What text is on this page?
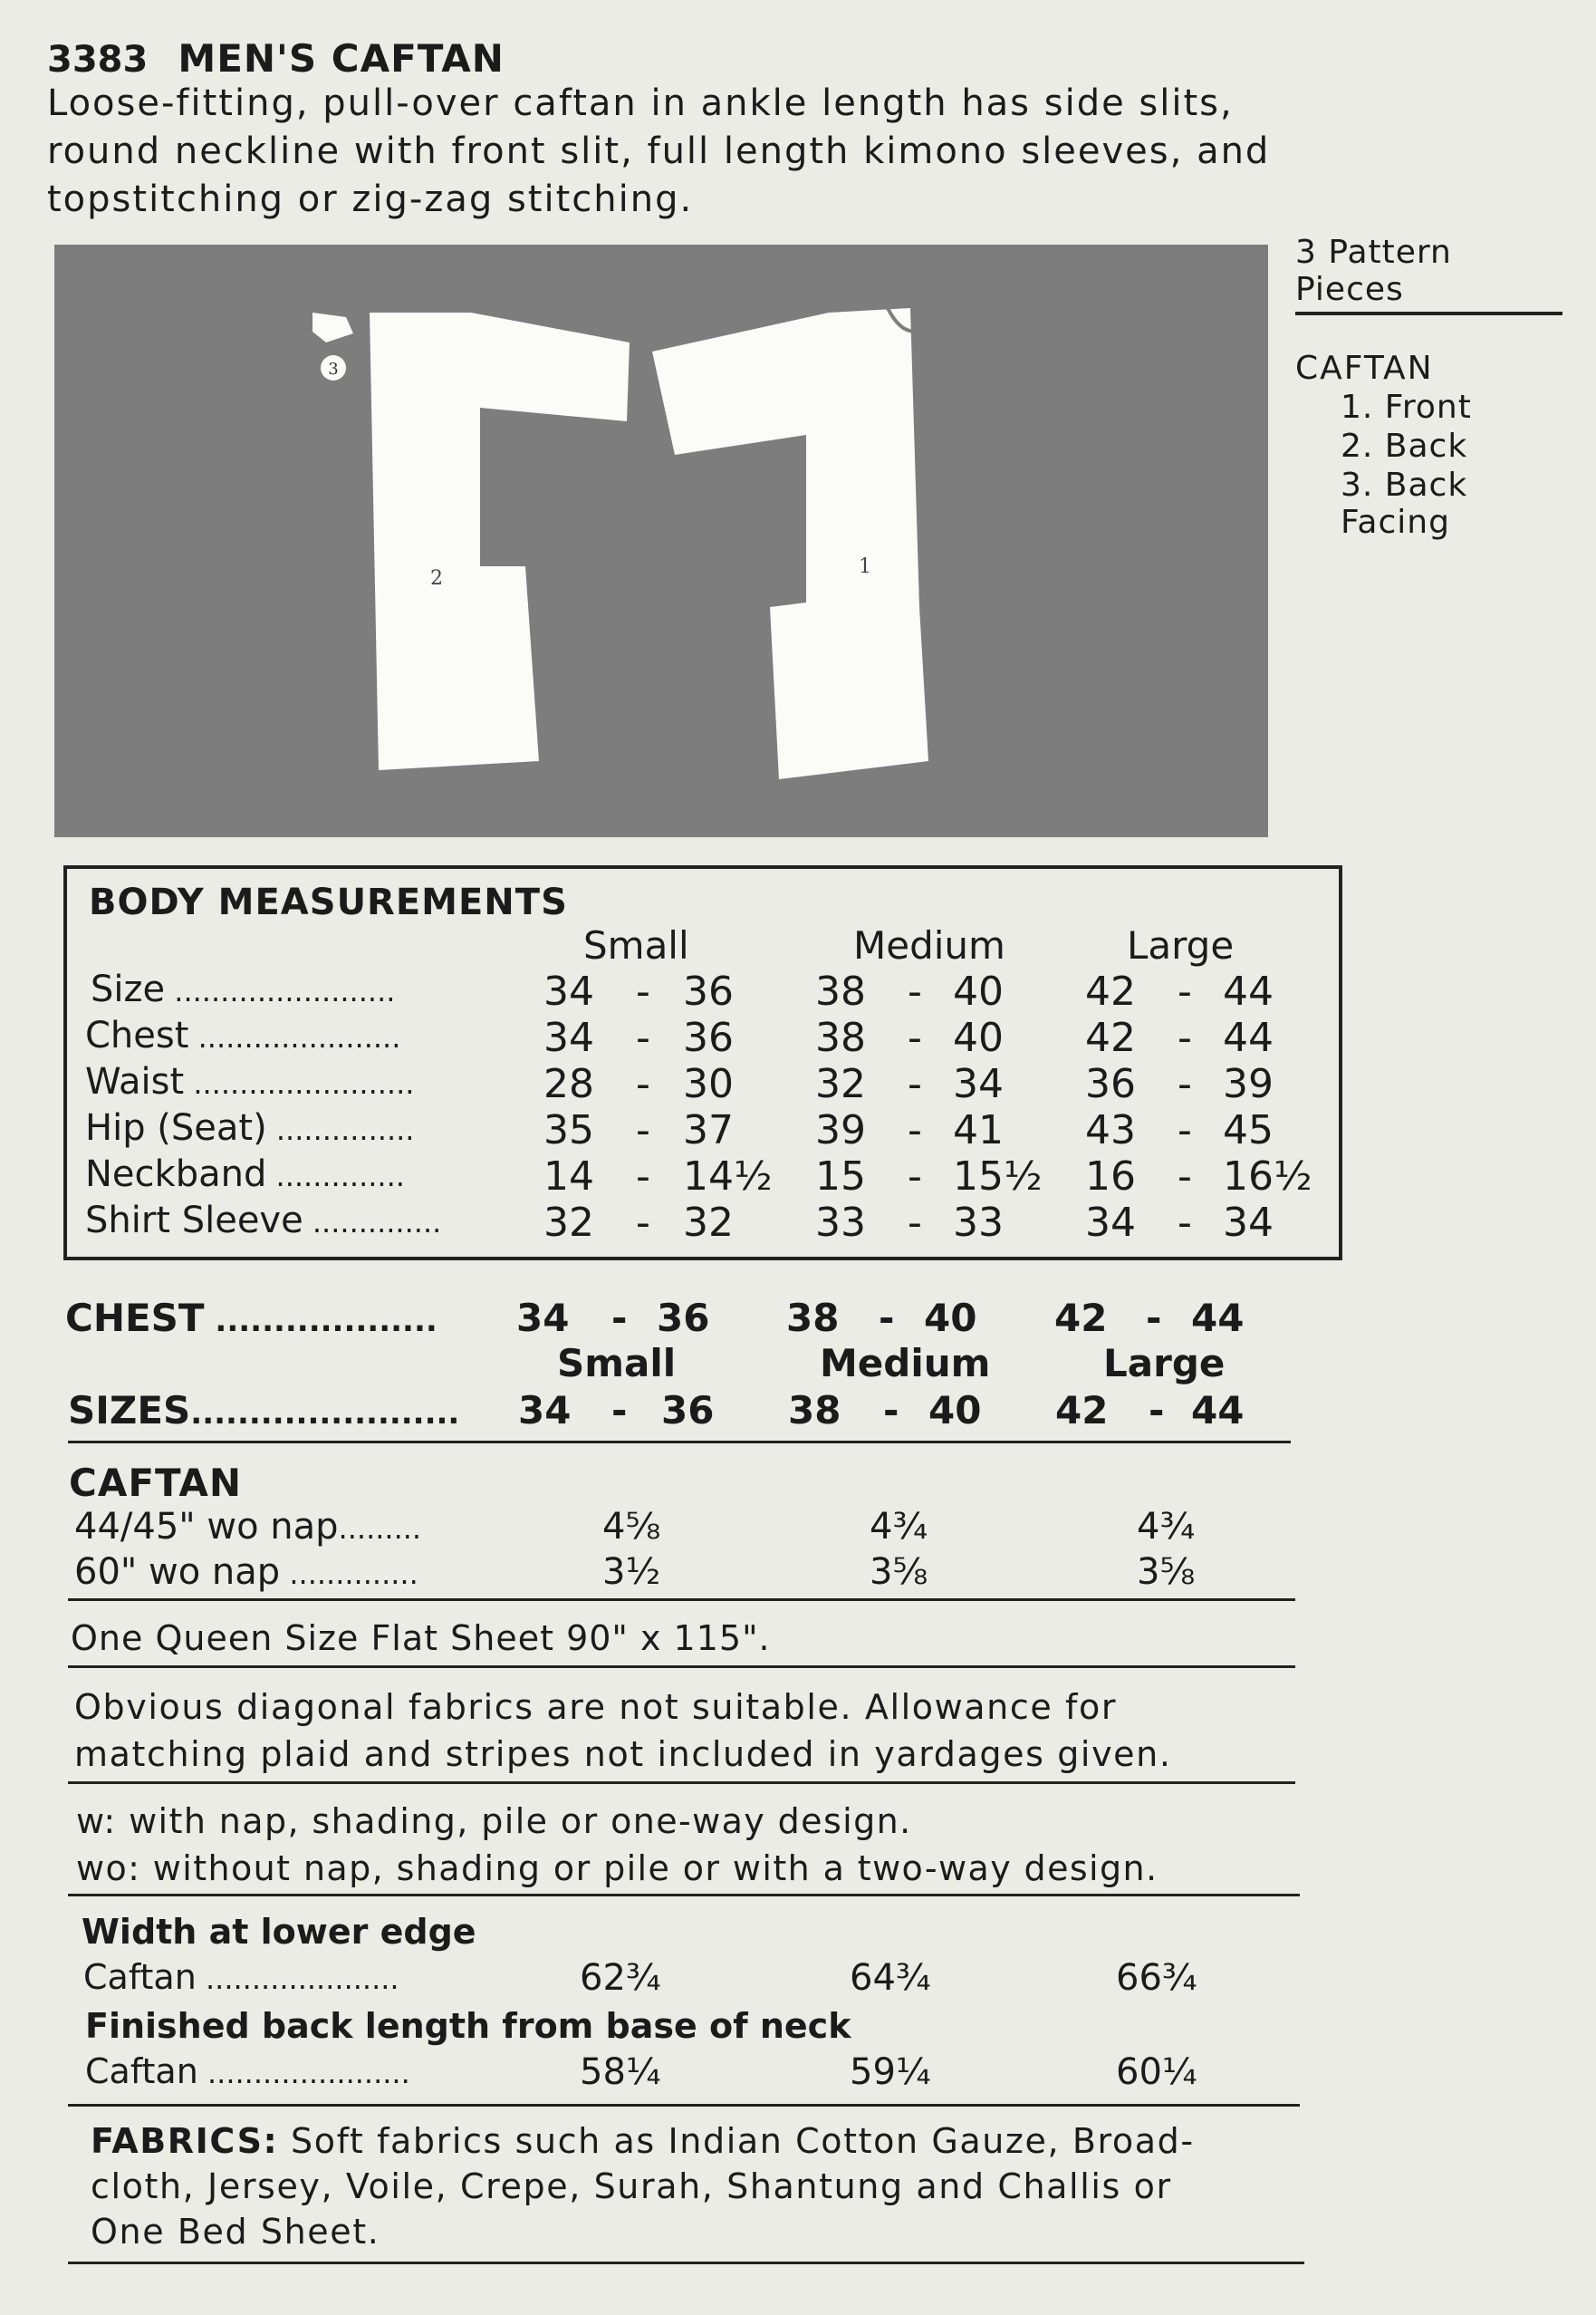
3383 MEN'S CAFTAN
Loose-fitting, pull-over caftan in ankle length has side slits,
round neckline with front slit, full length kimono sleeves, and
topstitching or zig-zag stitching.
3
2
1
3 Pattern Pieces
CAFTAN
1. Front
2. Back
3. Back Facing
BODY MEASUREMENTS
Small	Medium	Large
Size ........................	34 - 36 38 - 40 42 - 44
Chest ......................	34 - 36 38 - 40 42 - 44
Waist ........................	28 - 30 32 - 34 36 - 39
Hip (Seat) ...............	35 - 37 39 - 41 43 - 45
Neckband ..............	14 - 14½ 15 - 15½ 16 - 16½
Shirt Sleeve ..............	32 - 32 33 - 33 34 - 34
CHEST ................... 34 - 36 38 - 40 42 - 44
Small	Medium	Large
SIZES....................... 34 - 36 38 - 40 42 - 44
CAFTAN
44/45" wo nap.........	4⅝	4¾	4¾
60" wo nap ..............	3½	3⅝	3⅝
One Queen Size Flat Sheet 90" x 115".
Obvious diagonal fabrics are not suitable. Allowance for
matching plaid and stripes not included in yardages given.
w: with nap, shading, pile or one-way design.
wo: without nap, shading or pile or with a two-way design.
Width at lower edge
Caftan .....................	62¾	64¾	66¾
Finished back length from base of neck
Caftan ......................	58¼	59¼	60¼
FABRICS: Soft fabrics such as Indian Cotton Gauze, Broad-
cloth, Jersey, Voile, Crepe, Surah, Shantung and Challis or
One Bed Sheet.
